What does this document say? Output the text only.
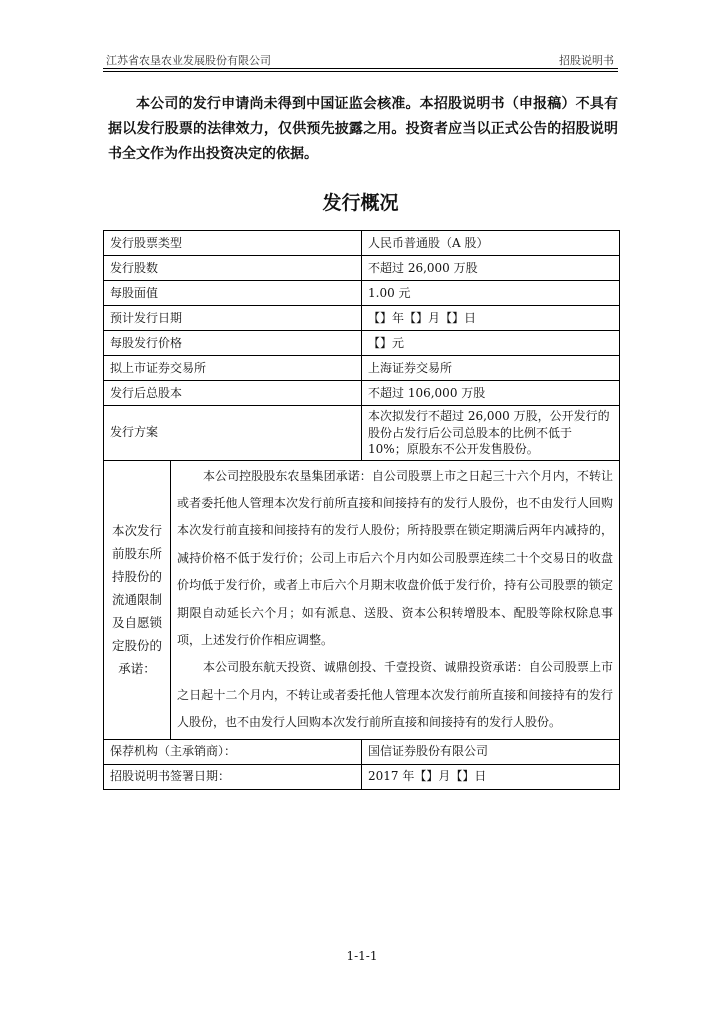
江苏省农垦农业发展股份有限公司	招股说明书

本公司的发行申请尚未得到中国证监会核准。本招股说明书（申报稿）不具有据以发行股票的法律效力，仅供预先披露之用。投资者应当以正式公告的招股说明书全文作为作出投资决定的依据。

发行概况
发行股票类型		人民币普通股（A 股）
发行股数		不超过 26,000 万股
每股面值		1.00 元
预计发行日期		【】年【】月【】日
每股发行价格		【】元
拟上市证券交易所		上海证券交易所
发行后总股本		不超过 106,000 万股
发行方案		本次拟发行不超过 26,000 万股，公开发行的股份占发行后公司总股本的比例不低于 10%；原股东不公开发售股份。
本次发行前股东所持股份的流通限制及自愿锁定股份的承诺：	本公司控股股东农垦集团承诺：自公司股票上市之日起三十六个月内，不转让或者委托他人管理本次发行前所直接和间接持有的发行人股份，也不由发行人回购本次发行前直接和间接持有的发行人股份；所持股票在锁定期满后两年内减持的，减持价格不低于发行价；公司上市后六个月内如公司股票连续二十个交易日的收盘价均低于发行价，或者上市后六个月期末收盘价低于发行价，持有公司股票的锁定期限自动延长六个月；如有派息、送股、资本公积转增股本、配股等除权除息事项，上述发行价作相应调整。

本公司股东航天投资、诚鼎创投、千壹投资、诚鼎投资承诺：自公司股票上市之日起十二个月内，不转让或者委托他人管理本次发行前所直接和间接持有的发行人股份，也不由发行人回购本次发行前所直接和间接持有的发行人股份。	

保荐机构（主承销商）：		国信证券股份有限公司
招股说明书签署日期：		2017 年【】月【】日
1-1-1
